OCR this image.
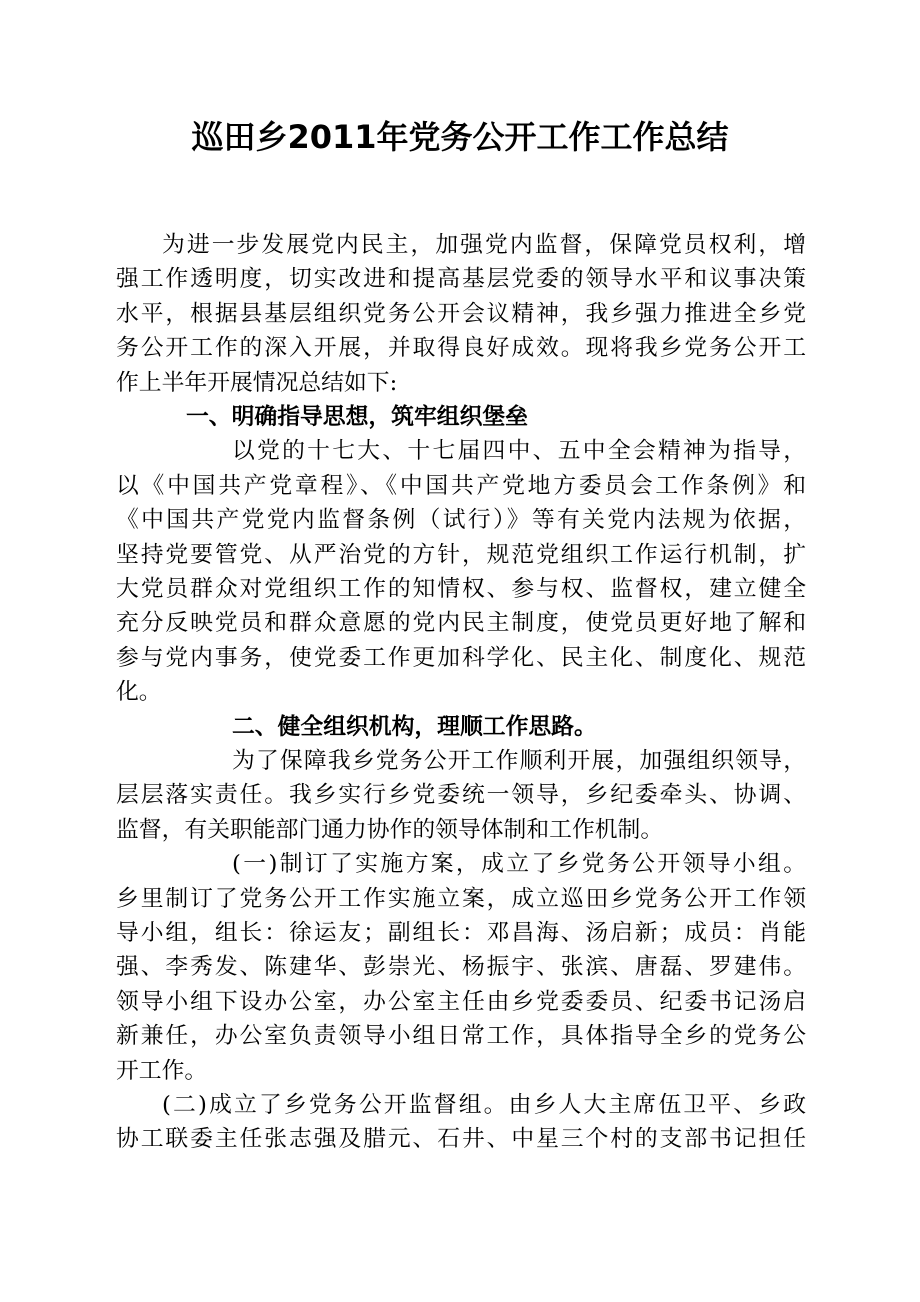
巡田乡2011年党务公开工作工作总结
为进一步发展党内民主，加强党内监督，保障党员权利，增
强工作透明度，切实改进和提高基层党委的领导水平和议事决策
水平，根据县基层组织党务公开会议精神，我乡强力推进全乡党
务公开工作的深入开展，并取得良好成效。现将我乡党务公开工
作上半年开展情况总结如下:
一、明确指导思想，筑牢组织堡垒
以党的十七大、十七届四中、五中全会精神为指导，
以《中国共产党章程》、《中国共产党地方委员会工作条例》和
《中国共产党党内监督条例（试行）》等有关党内法规为依据，
坚持党要管党、从严治党的方针，规范党组织工作运行机制，扩
大党员群众对党组织工作的知情权、参与权、监督权，建立健全
充分反映党员和群众意愿的党内民主制度，使党员更好地了解和
参与党内事务，使党委工作更加科学化、民主化、制度化、规范
化。
二、健全组织机构，理顺工作思路。
为了保障我乡党务公开工作顺利开展，加强组织领导，
层层落实责任。我乡实行乡党委统一领导，乡纪委牵头、协调、
监督，有关职能部门通力协作的领导体制和工作机制。
(一)制订了实施方案，成立了乡党务公开领导小组。
乡里制订了党务公开工作实施立案，成立巡田乡党务公开工作领
导小组，组长：徐运友；副组长：邓昌海、汤启新；成员：肖能
强、李秀发、陈建华、彭崇光、杨振宇、张滨、唐磊、罗建伟。
领导小组下设办公室，办公室主任由乡党委委员、纪委书记汤启
新兼任，办公室负责领导小组日常工作，具体指导全乡的党务公
开工作。
(二)成立了乡党务公开监督组。由乡人大主席伍卫平、乡政
协工联委主任张志强及腊元、石井、中星三个村的支部书记担任
